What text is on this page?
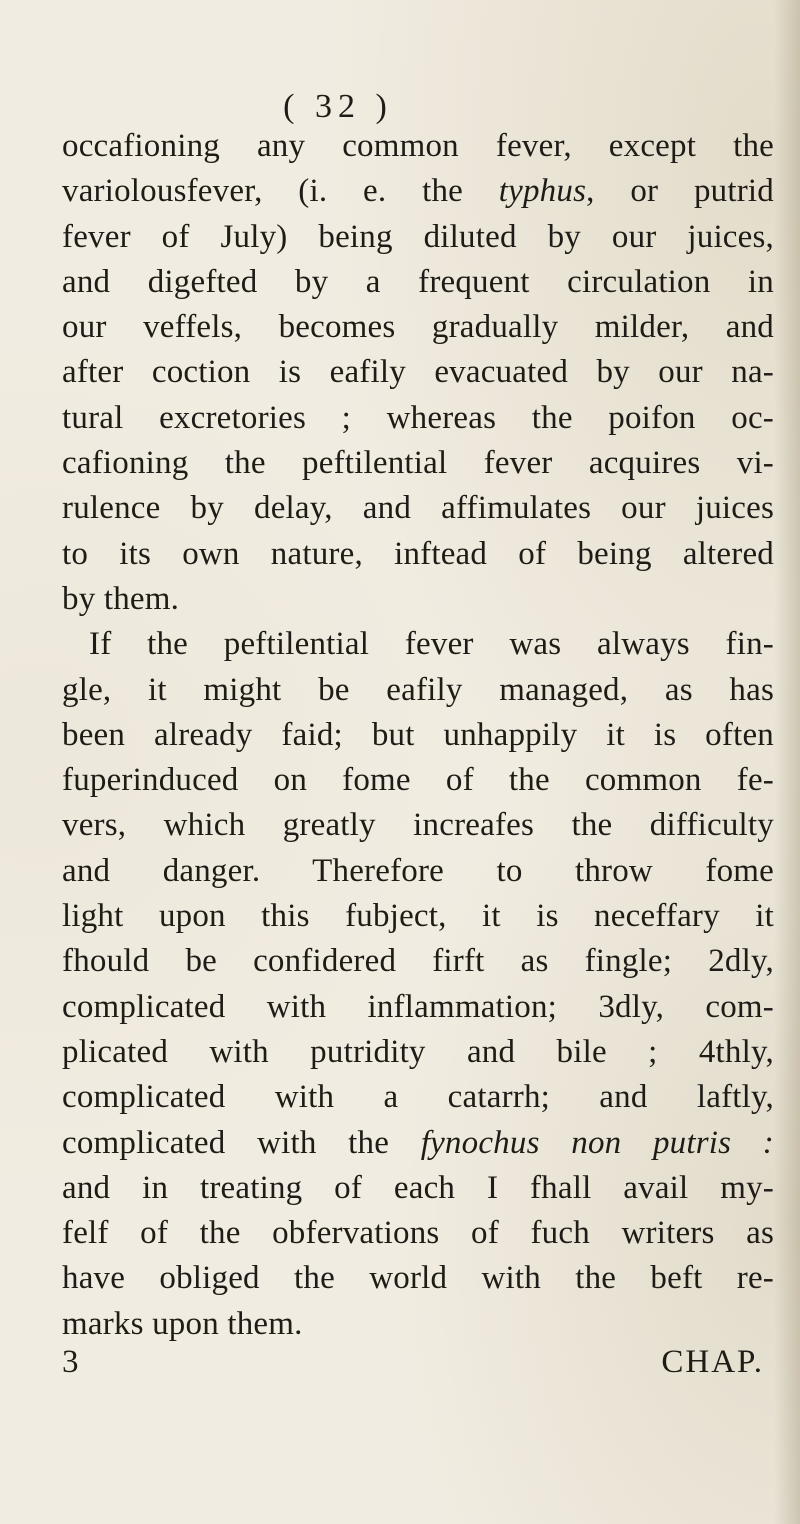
( 32 )
occafioning any common fever, except the
variolousfever, (i. e. the typhus, or putrid
fever of July) being diluted by our juices,
and digefted by a frequent circulation in
our veffels, becomes gradually milder, and
after coction is eafily evacuated by our na-
tural excretories ; whereas the poifon oc-
cafioning the peftilential fever acquires vi-
rulence by delay, and affimulates our juices
to its own nature, inftead of being altered
by them.
If the peftilential fever was always fin-
gle, it might be eafily managed, as has
been already faid; but unhappily it is often
fuperinduced on fome of the common fe-
vers, which greatly increafes the difficulty
and danger. Therefore to throw fome
light upon this fubject, it is neceffary it
fhould be confidered firft as fingle; 2dly,
complicated with inflammation; 3dly, com-
plicated with putridity and bile ; 4thly,
complicated with a catarrh; and laftly,
complicated with the fynochus non putris :
and in treating of each I fhall avail my-
felf of the obfervations of fuch writers as
have obliged the world with the beft re-
marks upon them.
3	CHAP.
